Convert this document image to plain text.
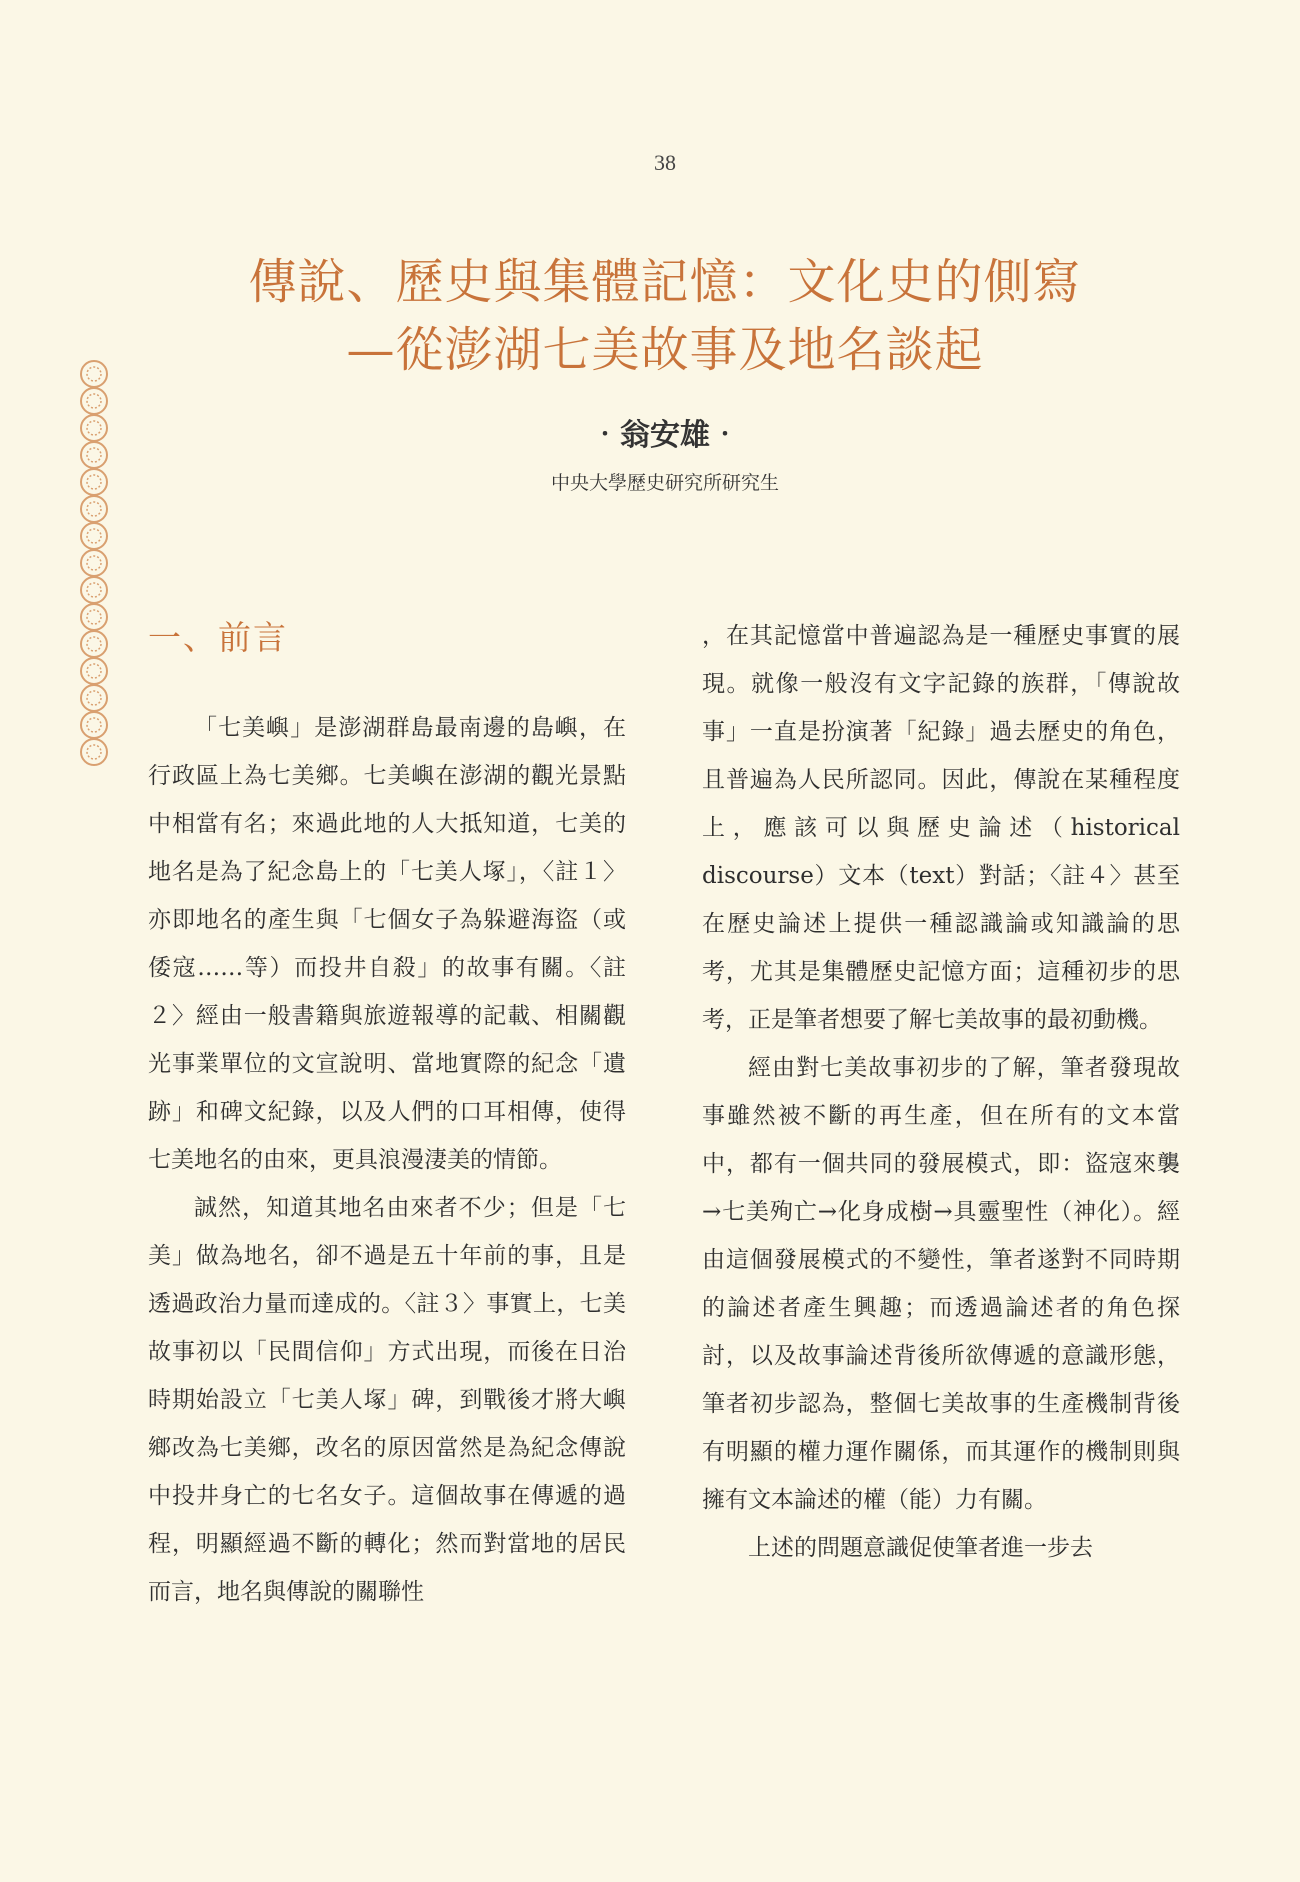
38
傳說、歷史與集體記憶：文化史的側寫
—從澎湖七美故事及地名談起
‧翁安雄‧
中央大學歷史研究所研究生
一、前言

「七美嶼」是澎湖群島最南邊的島嶼，在行政區上為七美鄉。七美嶼在澎湖的觀光景點中相當有名；來過此地的人大抵知道，七美的地名是為了紀念島上的「七美人塚」，〈註１〉亦即地名的產生與「七個女子為躲避海盜（或倭寇……等）而投井自殺」的故事有關。〈註２〉經由一般書籍與旅遊報導的記載、相關觀光事業單位的文宣說明、當地實際的紀念「遺跡」和碑文紀錄，以及人們的口耳相傳，使得七美地名的由來，更具浪漫淒美的情節。

誠然，知道其地名由來者不少；但是「七美」做為地名，卻不過是五十年前的事，且是透過政治力量而達成的。〈註３〉事實上，七美故事初以「民間信仰」方式出現，而後在日治時期始設立「七美人塚」碑，到戰後才將大嶼鄉改為七美鄉，改名的原因當然是為紀念傳說中投井身亡的七名女子。這個故事在傳遞的過程，明顯經過不斷的轉化；然而對當地的居民而言，地名與傳說的關聯性

，在其記憶當中普遍認為是一種歷史事實的展現。就像一般沒有文字記錄的族群，「傳說故事」一直是扮演著「紀錄」過去歷史的角色，且普遍為人民所認同。因此，傳說在某種程度上，應該可以與歷史論述（historical discourse）文本（text）對話；〈註４〉甚至在歷史論述上提供一種認識論或知識論的思考，尤其是集體歷史記憶方面；這種初步的思考，正是筆者想要了解七美故事的最初動機。

經由對七美故事初步的了解，筆者發現故事雖然被不斷的再生產，但在所有的文本當中，都有一個共同的發展模式，即：盜寇來襲→七美殉亡→化身成樹→具靈聖性（神化）。經由這個發展模式的不變性，筆者遂對不同時期的論述者產生興趣；而透過論述者的角色探討，以及故事論述背後所欲傳遞的意識形態，筆者初步認為，整個七美故事的生產機制背後有明顯的權力運作關係，而其運作的機制則與擁有文本論述的權（能）力有關。

上述的問題意識促使筆者進一步去
